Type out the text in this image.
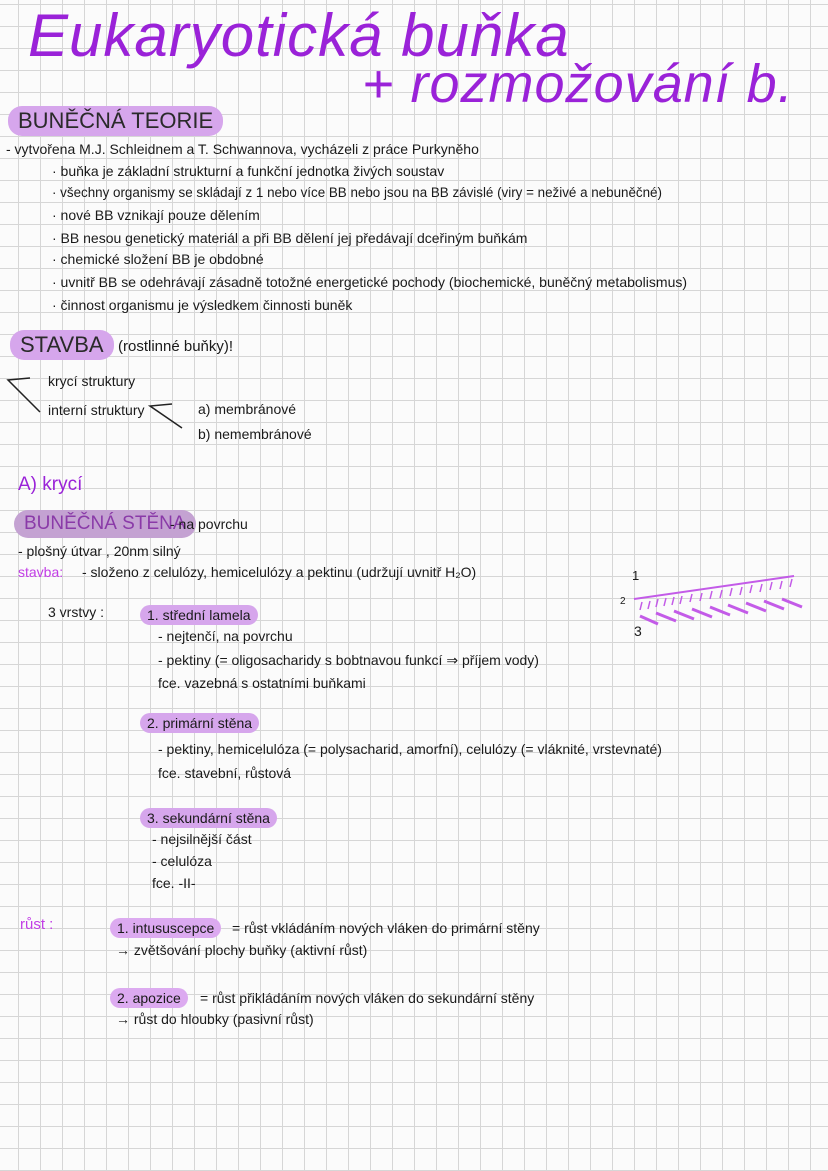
Eukaryotická buňka
+ rozmožování b.
BUNĚČNÁ TEORIE
- vytvořena M.J. Schleidnem a T. Schwannova, vycházeli z práce Purkyněho
· buňka je základní strukturní a funkční jednotka živých soustav
· všechny organismy se skládají z 1 nebo více BB nebo jsou na BB závislé (viry = neživé a nebuněčné)
· nové BB vznikají pouze dělením
· BB nesou genetický materiál a při BB dělení jej předávají dceřiným buňkám
· chemické složení BB je obdobné
· uvnitř BB se odehrávají zásadně totožné energetické pochody (biochemické, buněčný metabolismus)
· činnost organismu je výsledkem činnosti buněk
STAVBA (rostlinné buňky)!
krycí struktury
interní struktury	a) membránové
b) nemembránové
A) krycí
BUNĚČNÁ STĚNA
- na povrchu
- plošný útvar , 20nm silný
stavba: - složeno z celulózy, hemicelulózy a pektinu (udržují uvnitř H₂O)
3 vrstvy :	1. střední lamela
- nejtenčí, na povrchu
- pektiny (= oligosacharidy s bobtnavou funkcí ⇒ příjem vody)
fce. vazebná s ostatními buňkami
2. primární stěna
- pektiny, hemicelulóza (= polysacharid, amorfní), celulózy (= vláknité, vrstevnaté)
fce. stavební, růstová
3. sekundární stěna
- nejsilnější část
- celulóza
fce. -II-
1
2
3
růst :	1. intususcepce	= růst vkládáním nových vláken do primární stěny
→ zvětšování plochy buňky (aktivní růst)
2. apozice	= růst přikládáním nových vláken do sekundární stěny
→ růst do hloubky (pasivní růst)
